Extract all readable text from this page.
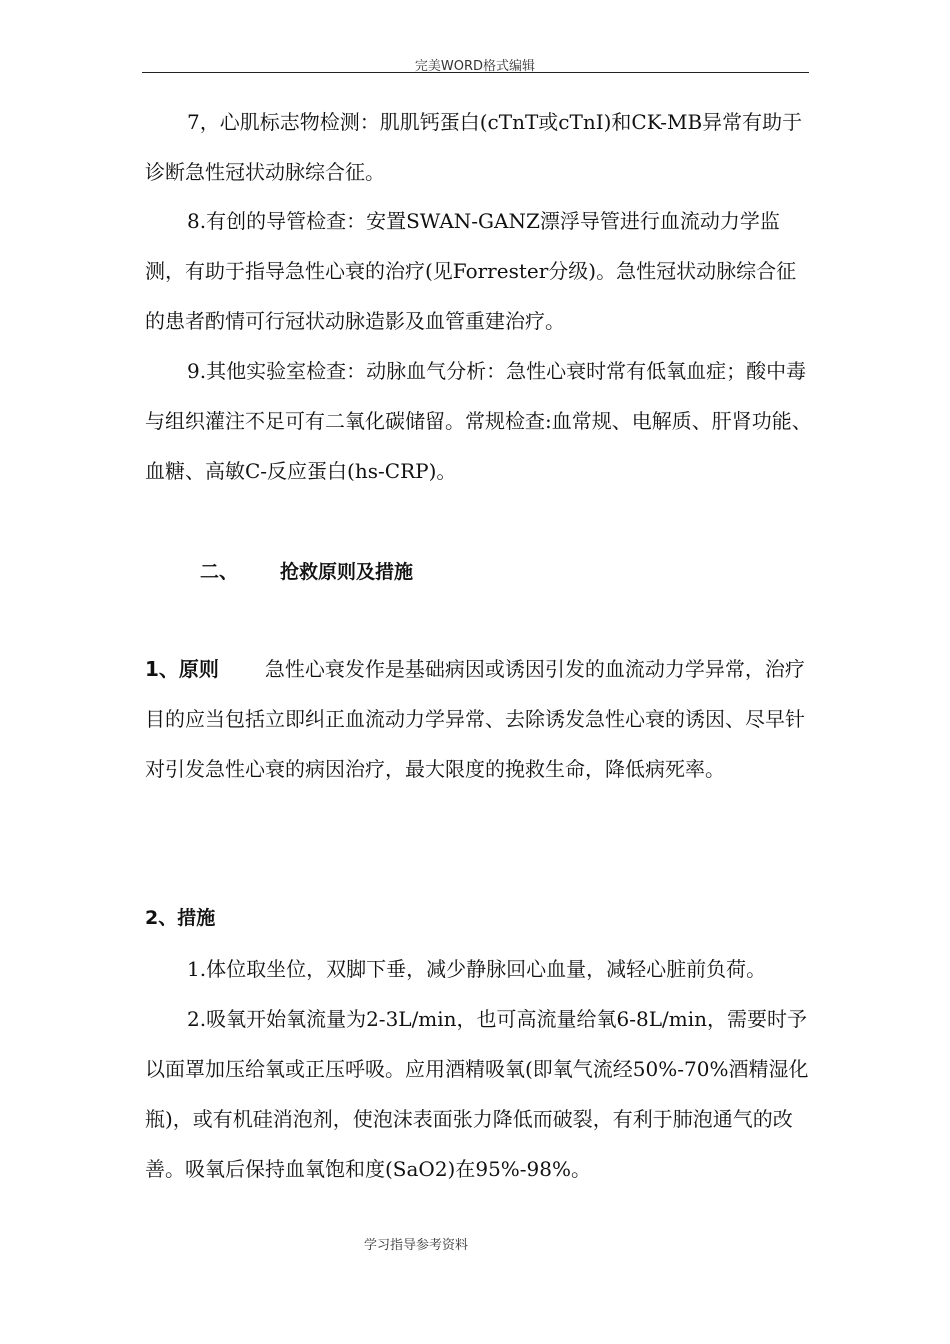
完美WORD格式编辑

7，心肌标志物检测：肌肌钙蛋白(cTnT或cTnI)和CK-MB异常有助于诊断急性冠状动脉综合征。

8.有创的导管检查：安置SWAN-GANZ漂浮导管进行血流动力学监测，有助于指导急性心衰的治疗(见Forrester分级)。急性冠状动脉综合征的患者酌情可行冠状动脉造影及血管重建治疗。

9.其他实验室检查：动脉血气分析：急性心衰时常有低氧血症；酸中毒与组织灌注不足可有二氧化碳储留。常规检查:血常规、电解质、肝肾功能、血糖、高敏C-反应蛋白(hs-CRP)。

二、 抢救原则及措施

1、原则 急性心衰发作是基础病因或诱因引发的血流动力学异常，治疗目的应当包括立即纠正血流动力学异常、去除诱发急性心衰的诱因、尽早针对引发急性心衰的病因治疗，最大限度的挽救生命，降低病死率。

2、措施

1.体位取坐位，双脚下垂，减少静脉回心血量，减轻心脏前负荷。

2.吸氧开始氧流量为2-3L/min，也可高流量给氧6-8L/min，需要时予以面罩加压给氧或正压呼吸。应用酒精吸氧(即氧气流经50%-70%酒精湿化瓶)，或有机硅消泡剂，使泡沫表面张力降低而破裂，有利于肺泡通气的改善。吸氧后保持血氧饱和度(SaO2)在95%-98%。

学习指导参考资料
